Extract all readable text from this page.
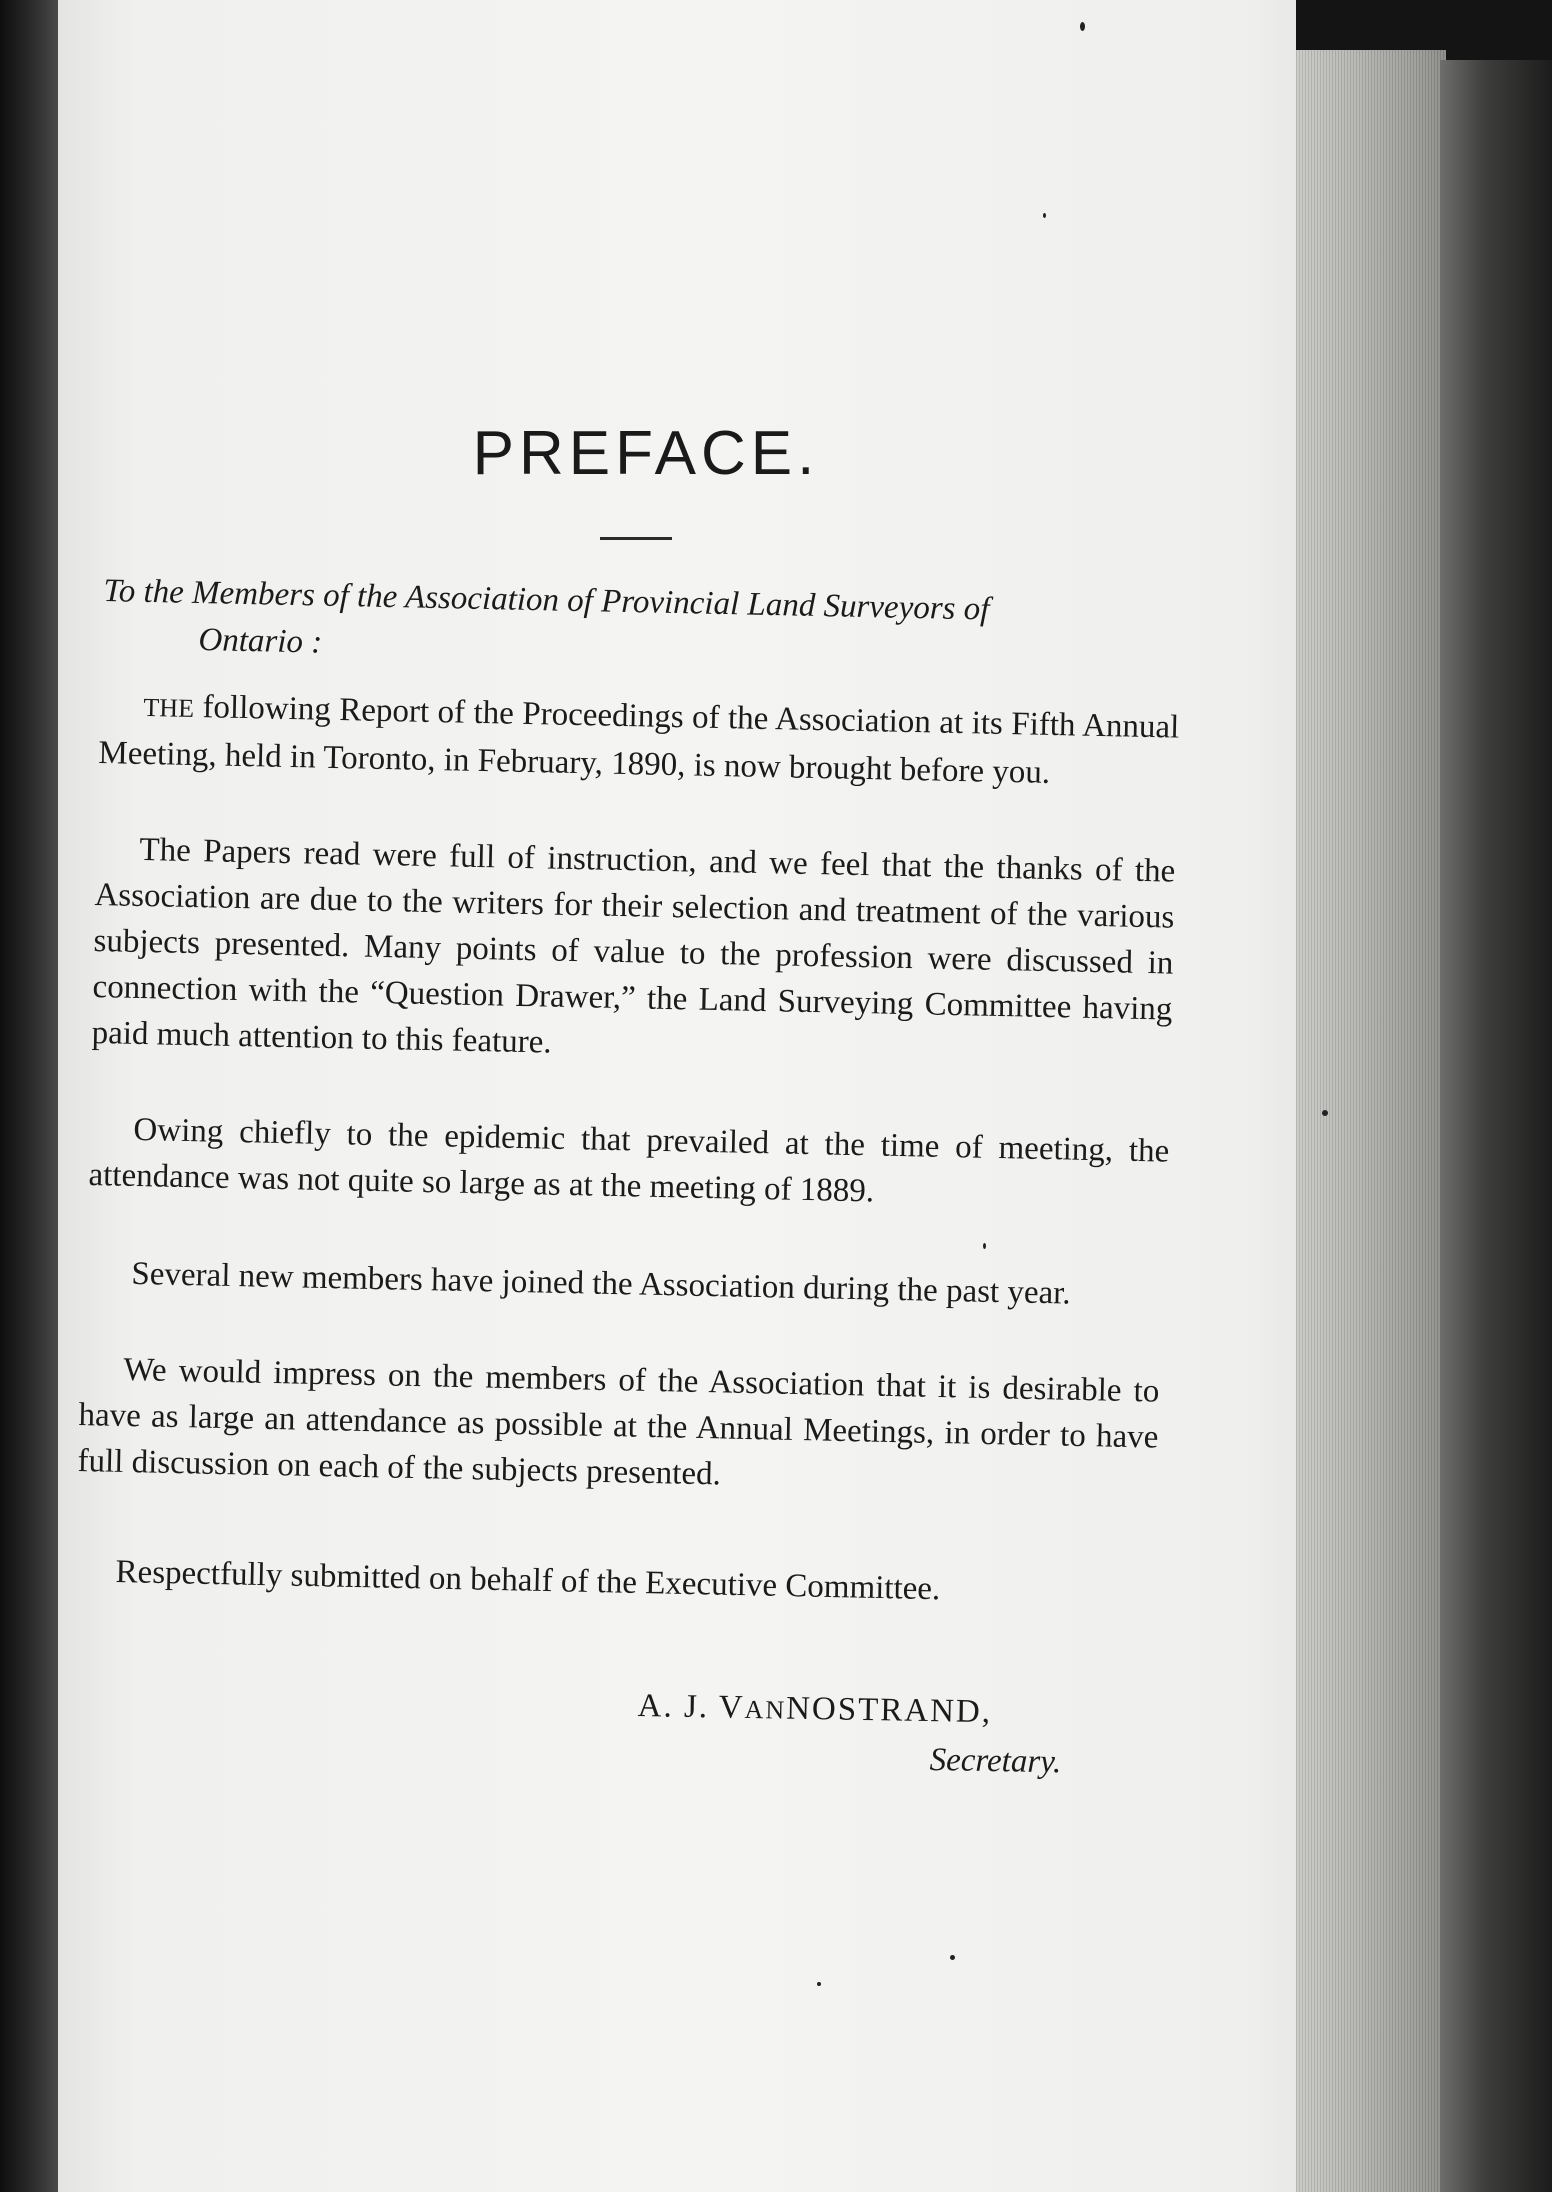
PREFACE.
To the Members of the Association of Provincial Land Surveyors of
Ontario :
THE following Report of the Proceedings of the Association at its Fifth Annual Meeting, held in Toronto, in February, 1890, is now brought before you.
The Papers read were full of instruction, and we feel that the thanks of the Association are due to the writers for their selection and treatment of the various subjects presented. Many points of value to the profession were discussed in connection with the “Question Drawer,” the Land Surveying Committee having paid much attention to this feature.
Owing chiefly to the epidemic that prevailed at the time of meeting, the attendance was not quite so large as at the meeting of 1889.
Several new members have joined the Association during the past year.
We would impress on the members of the Association that it is desirable to have as large an attendance as possible at the Annual Meetings, in order to have full discussion on each of the subjects presented.
Respectfully submitted on behalf of the Executive Committee.
A. J. VANNOSTRAND,
Secretary.
